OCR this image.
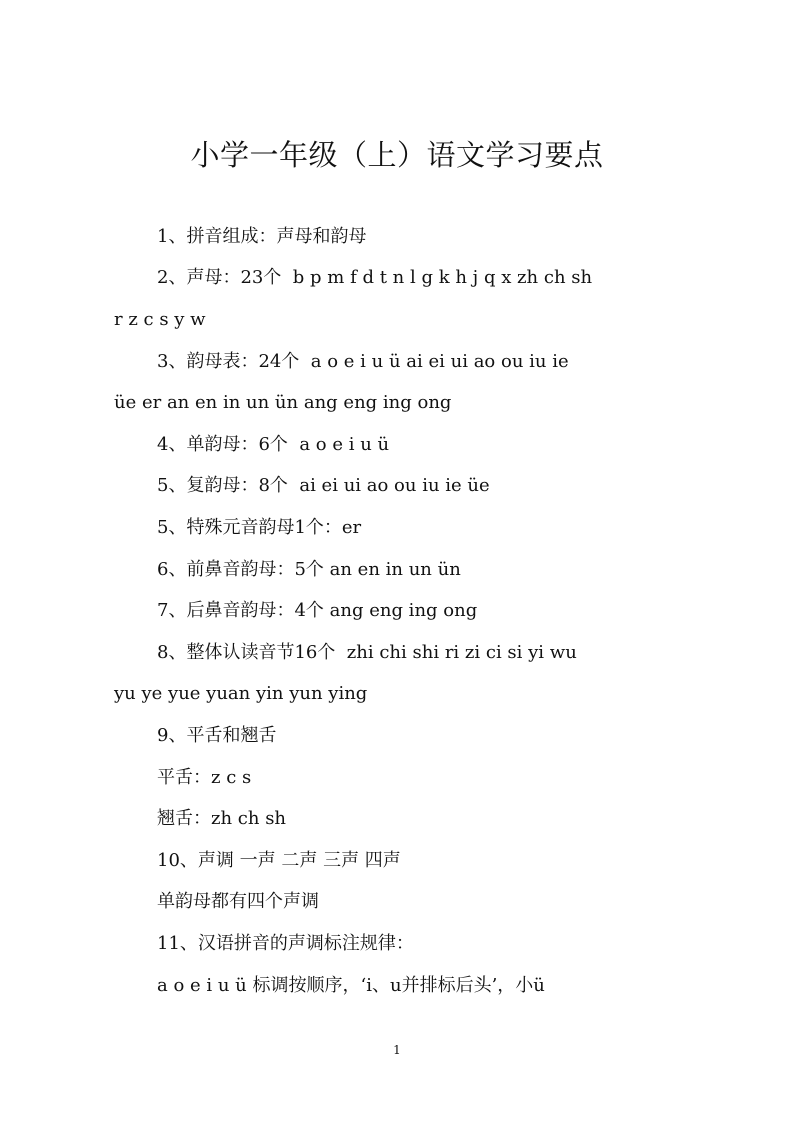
小学一年级（上）语文学习要点
1、拼音组成：声母和韵母
2、声母：23个  b p m f d t n l g k h j q x zh ch sh
r z c s y w
3、韵母表：24个  a o e i u ü ai ei ui ao ou iu ie
üe er an en in un ün ang eng ing ong
4、单韵母：6个  a o e i u ü
5、复韵母：8个  ai ei ui ao ou iu ie üe
5、特殊元音韵母1个：er
6、前鼻音韵母：5个 an en in un ün
7、后鼻音韵母：4个 ang eng ing ong
8、整体认读音节16个  zhi chi shi ri zi ci si yi wu
yu ye yue yuan yin yun ying
9、平舌和翘舌
平舌：z c s
翘舌：zh ch sh
10、声调 一声 二声 三声 四声
单韵母都有四个声调
11、汉语拼音的声调标注规律：
a o e i u ü 标调按顺序，‘i、u并排标后头’，小ü
1
